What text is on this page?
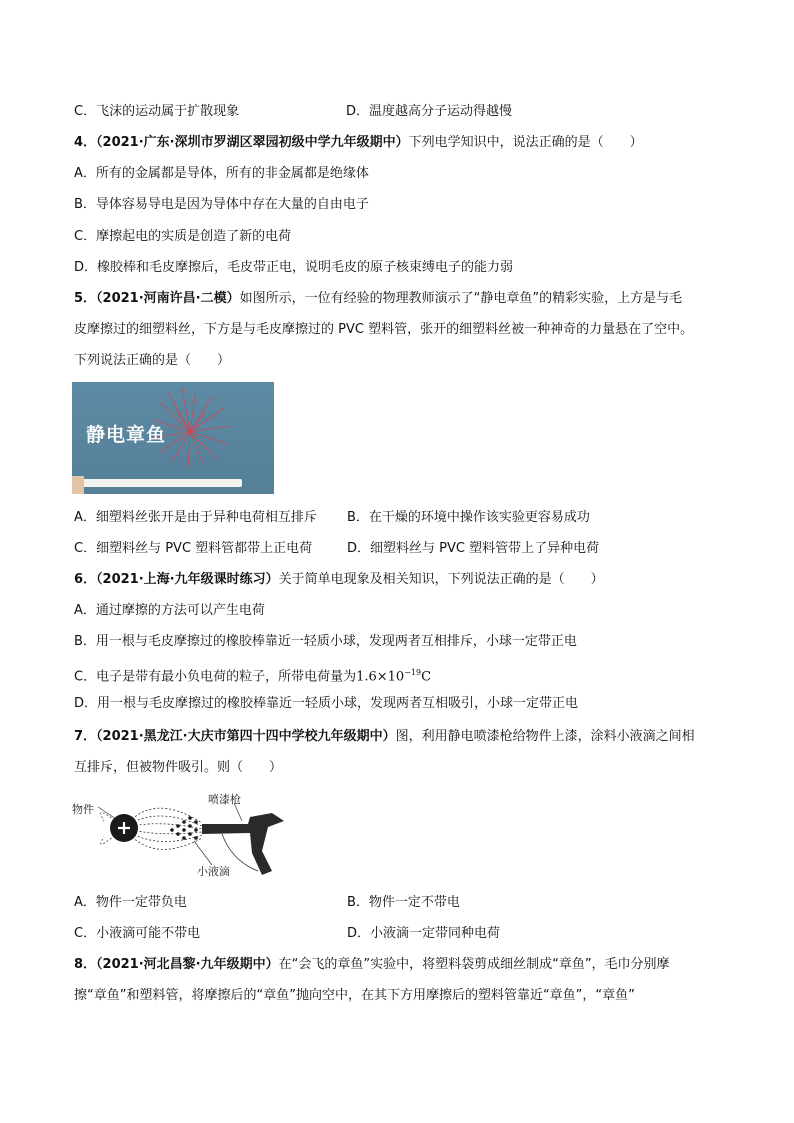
C．飞沫的运动属于扩散现象	D．温度越高分子运动得越慢
4．（2021·广东·深圳市罗湖区翠园初级中学九年级期中）下列电学知识中，说法正确的是（　　）
A．所有的金属都是导体，所有的非金属都是绝缘体
B．导体容易导电是因为导体中存在大量的自由电子
C．摩擦起电的实质是创造了新的电荷
D．橡胶棒和毛皮摩擦后，毛皮带正电，说明毛皮的原子核束缚电子的能力弱
5．（2021·河南许昌·二模）如图所示，一位有经验的物理教师演示了“静电章鱼”的精彩实验，上方是与毛
皮摩擦过的细塑料丝，下方是与毛皮摩擦过的 PVC 塑料管，张开的细塑料丝被一种神奇的力量悬在了空中。
下列说法正确的是（　　）
静电章鱼
A．细塑料丝张开是由于异种电荷相互排斥 B．在干燥的环境中操作该实验更容易成功
C．细塑料丝与 PVC 塑料管都带上正电荷	D．细塑料丝与 PVC 塑料管带上了异种电荷
6．（2021·上海·九年级课时练习）关于简单电现象及相关知识，下列说法正确的是（　　）
A．通过摩擦的方法可以产生电荷
B．用一根与毛皮摩擦过的橡胶棒靠近一轻质小球，发现两者互相排斥，小球一定带正电
C．电子是带有最小负电荷的粒子，所带电荷量为$1.6\times 10^{-19}C$
D．用一根与毛皮摩擦过的橡胶棒靠近一轻质小球，发现两者互相吸引，小球一定带正电
7．（2021·黑龙江·大庆市第四十四中学校九年级期中）图，利用静电喷漆枪给物件上漆，涂料小液滴之间相
互排斥，但被物件吸引。则（　　）
物件
喷漆枪
小液滴
A．物件一定带负电	B．物件一定不带电
C．小液滴可能不带电	D．小液滴一定带同种电荷
8．（2021·河北昌黎·九年级期中）在“会飞的章鱼”实验中，将塑料袋剪成细丝制成“章鱼”，毛巾分别摩
擦“章鱼”和塑料管，将摩擦后的“章鱼”抛向空中，在其下方用摩擦后的塑料管靠近“章鱼”，“章鱼”
